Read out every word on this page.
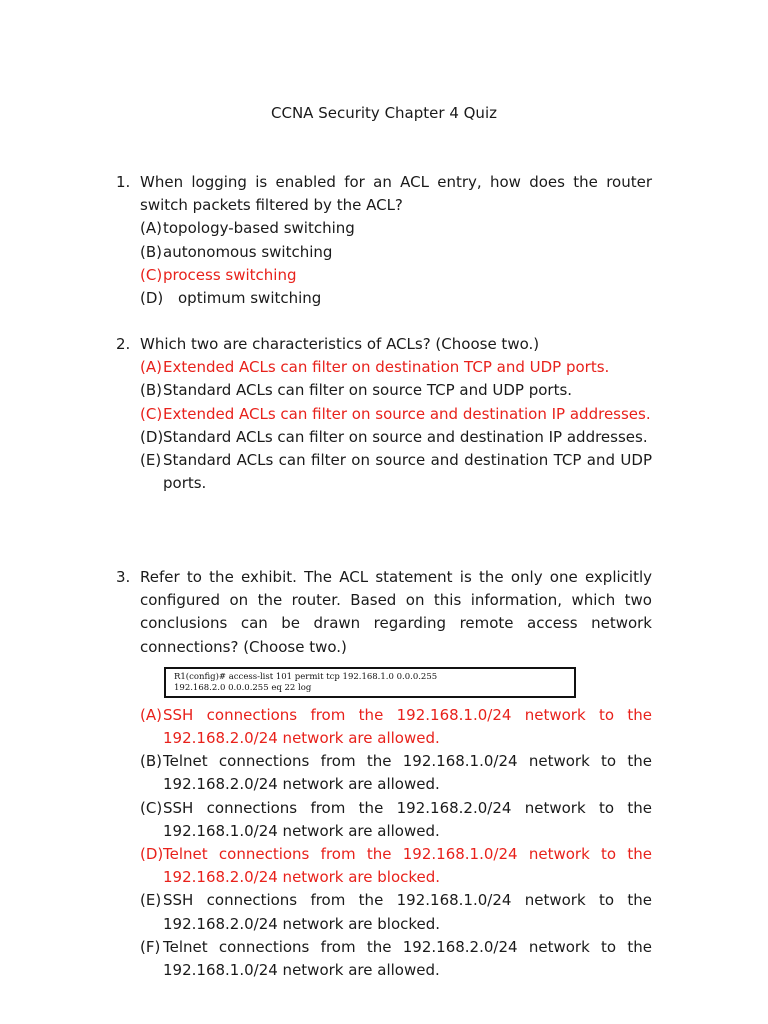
CCNA Security Chapter 4 Quiz
1. When logging is enabled for an ACL entry, how does the router switch packets filtered by the ACL?
(A) topology-based switching
(B) autonomous switching
(C) process switching
(D) optimum switching
2. Which two are characteristics of ACLs? (Choose two.)
(A) Extended ACLs can filter on destination TCP and UDP ports.
(B) Standard ACLs can filter on source TCP and UDP ports.
(C) Extended ACLs can filter on source and destination IP addresses.
(D) Standard ACLs can filter on source and destination IP addresses.
(E) Standard ACLs can filter on source and destination TCP and UDP ports.
3. Refer to the exhibit. The ACL statement is the only one explicitly configured on the router. Based on this information, which two conclusions can be drawn regarding remote access network connections? (Choose two.)
R1(config)# access-list 101 permit tcp 192.168.1.0 0.0.0.255
192.168.2.0 0.0.0.255 eq 22 log
(A) SSH connections from the 192.168.1.0/24 network to the 192.168.2.0/24 network are allowed.
(B) Telnet connections from the 192.168.1.0/24 network to the 192.168.2.0/24 network are allowed.
(C) SSH connections from the 192.168.2.0/24 network to the 192.168.1.0/24 network are allowed.
(D) Telnet connections from the 192.168.1.0/24 network to the 192.168.2.0/24 network are blocked.
(E) SSH connections from the 192.168.1.0/24 network to the 192.168.2.0/24 network are blocked.
(F) Telnet connections from the 192.168.2.0/24 network to the 192.168.1.0/24 network are allowed.
